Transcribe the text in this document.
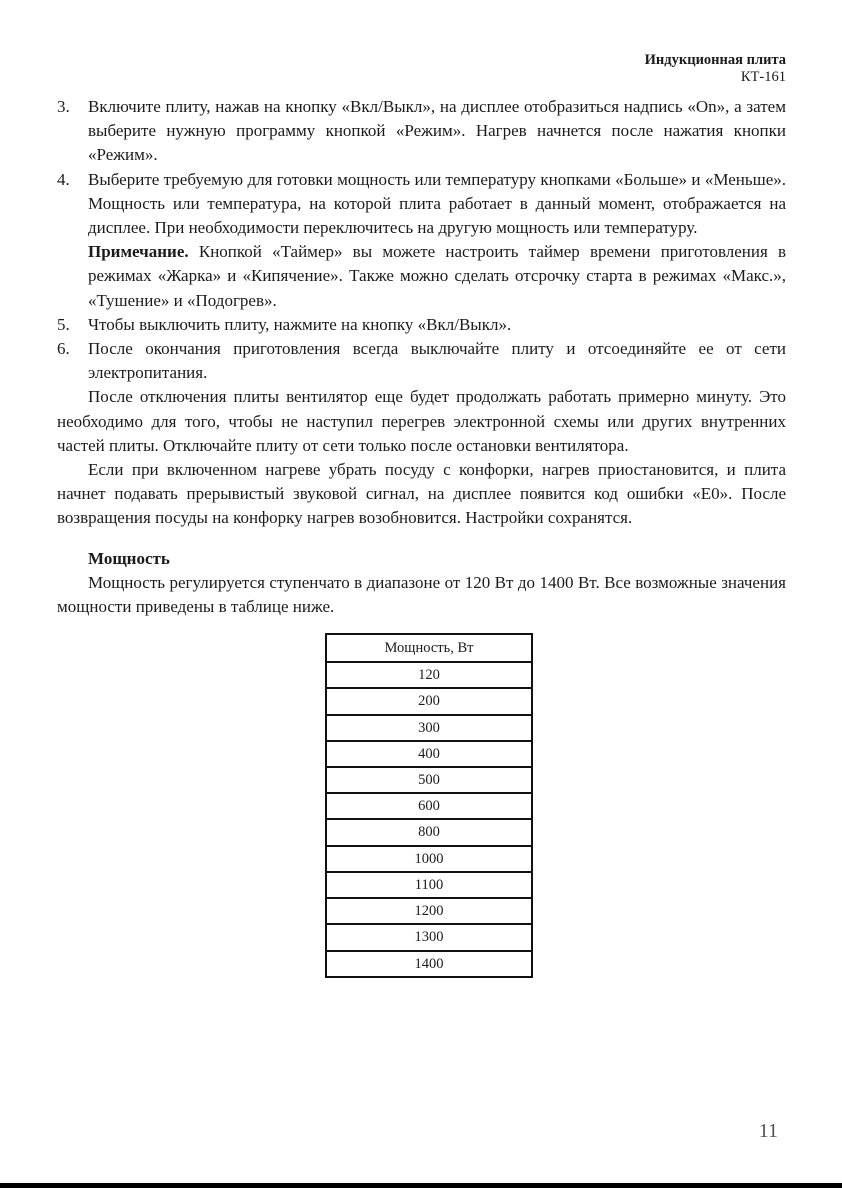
Индукционная плита
КТ-161
3.	Включите плиту, нажав на кнопку «Вкл/Выкл», на дисплее отобразиться надпись «On», а затем выберите нужную программу кнопкой «Режим». Нагрев начнется после нажатия кнопки «Режим».
4.	Выберите требуемую для готовки мощность или температуру кнопками «Больше» и «Меньше». Мощность или температура, на которой плита работает в данный момент, отображается на дисплее. При необходимости переключитесь на другую мощность или температуру.
Примечание. Кнопкой «Таймер» вы можете настроить таймер времени приготовления в режимах «Жарка» и «Кипячение». Также можно сделать отсрочку старта в режимах «Макс.», «Тушение» и «Подогрев».
5.	Чтобы выключить плиту, нажмите на кнопку «Вкл/Выкл».
6.	После окончания приготовления всегда выключайте плиту и отсоединяйте ее от сети электропитания.
После отключения плиты вентилятор еще будет продолжать работать примерно минуту. Это необходимо для того, чтобы не наступил перегрев электронной схемы или других внутренних частей плиты. Отключайте плиту от сети только после остановки вентилятора.
Если при включенном нагреве убрать посуду с конфорки, нагрев приостановится, и плита начнет подавать прерывистый звуковой сигнал, на дисплее появится код ошибки «E0». После возвращения посуды на конфорку нагрев возобновится. Настройки сохранятся.
Мощность
Мощность регулируется ступенчато в диапазоне от 120 Вт до 1400 Вт. Все возможные значения мощности приведены в таблице ниже.
Мощность, Вт
120
200
300
400
500
600
800
1000
1100
1200
1300
1400
11
